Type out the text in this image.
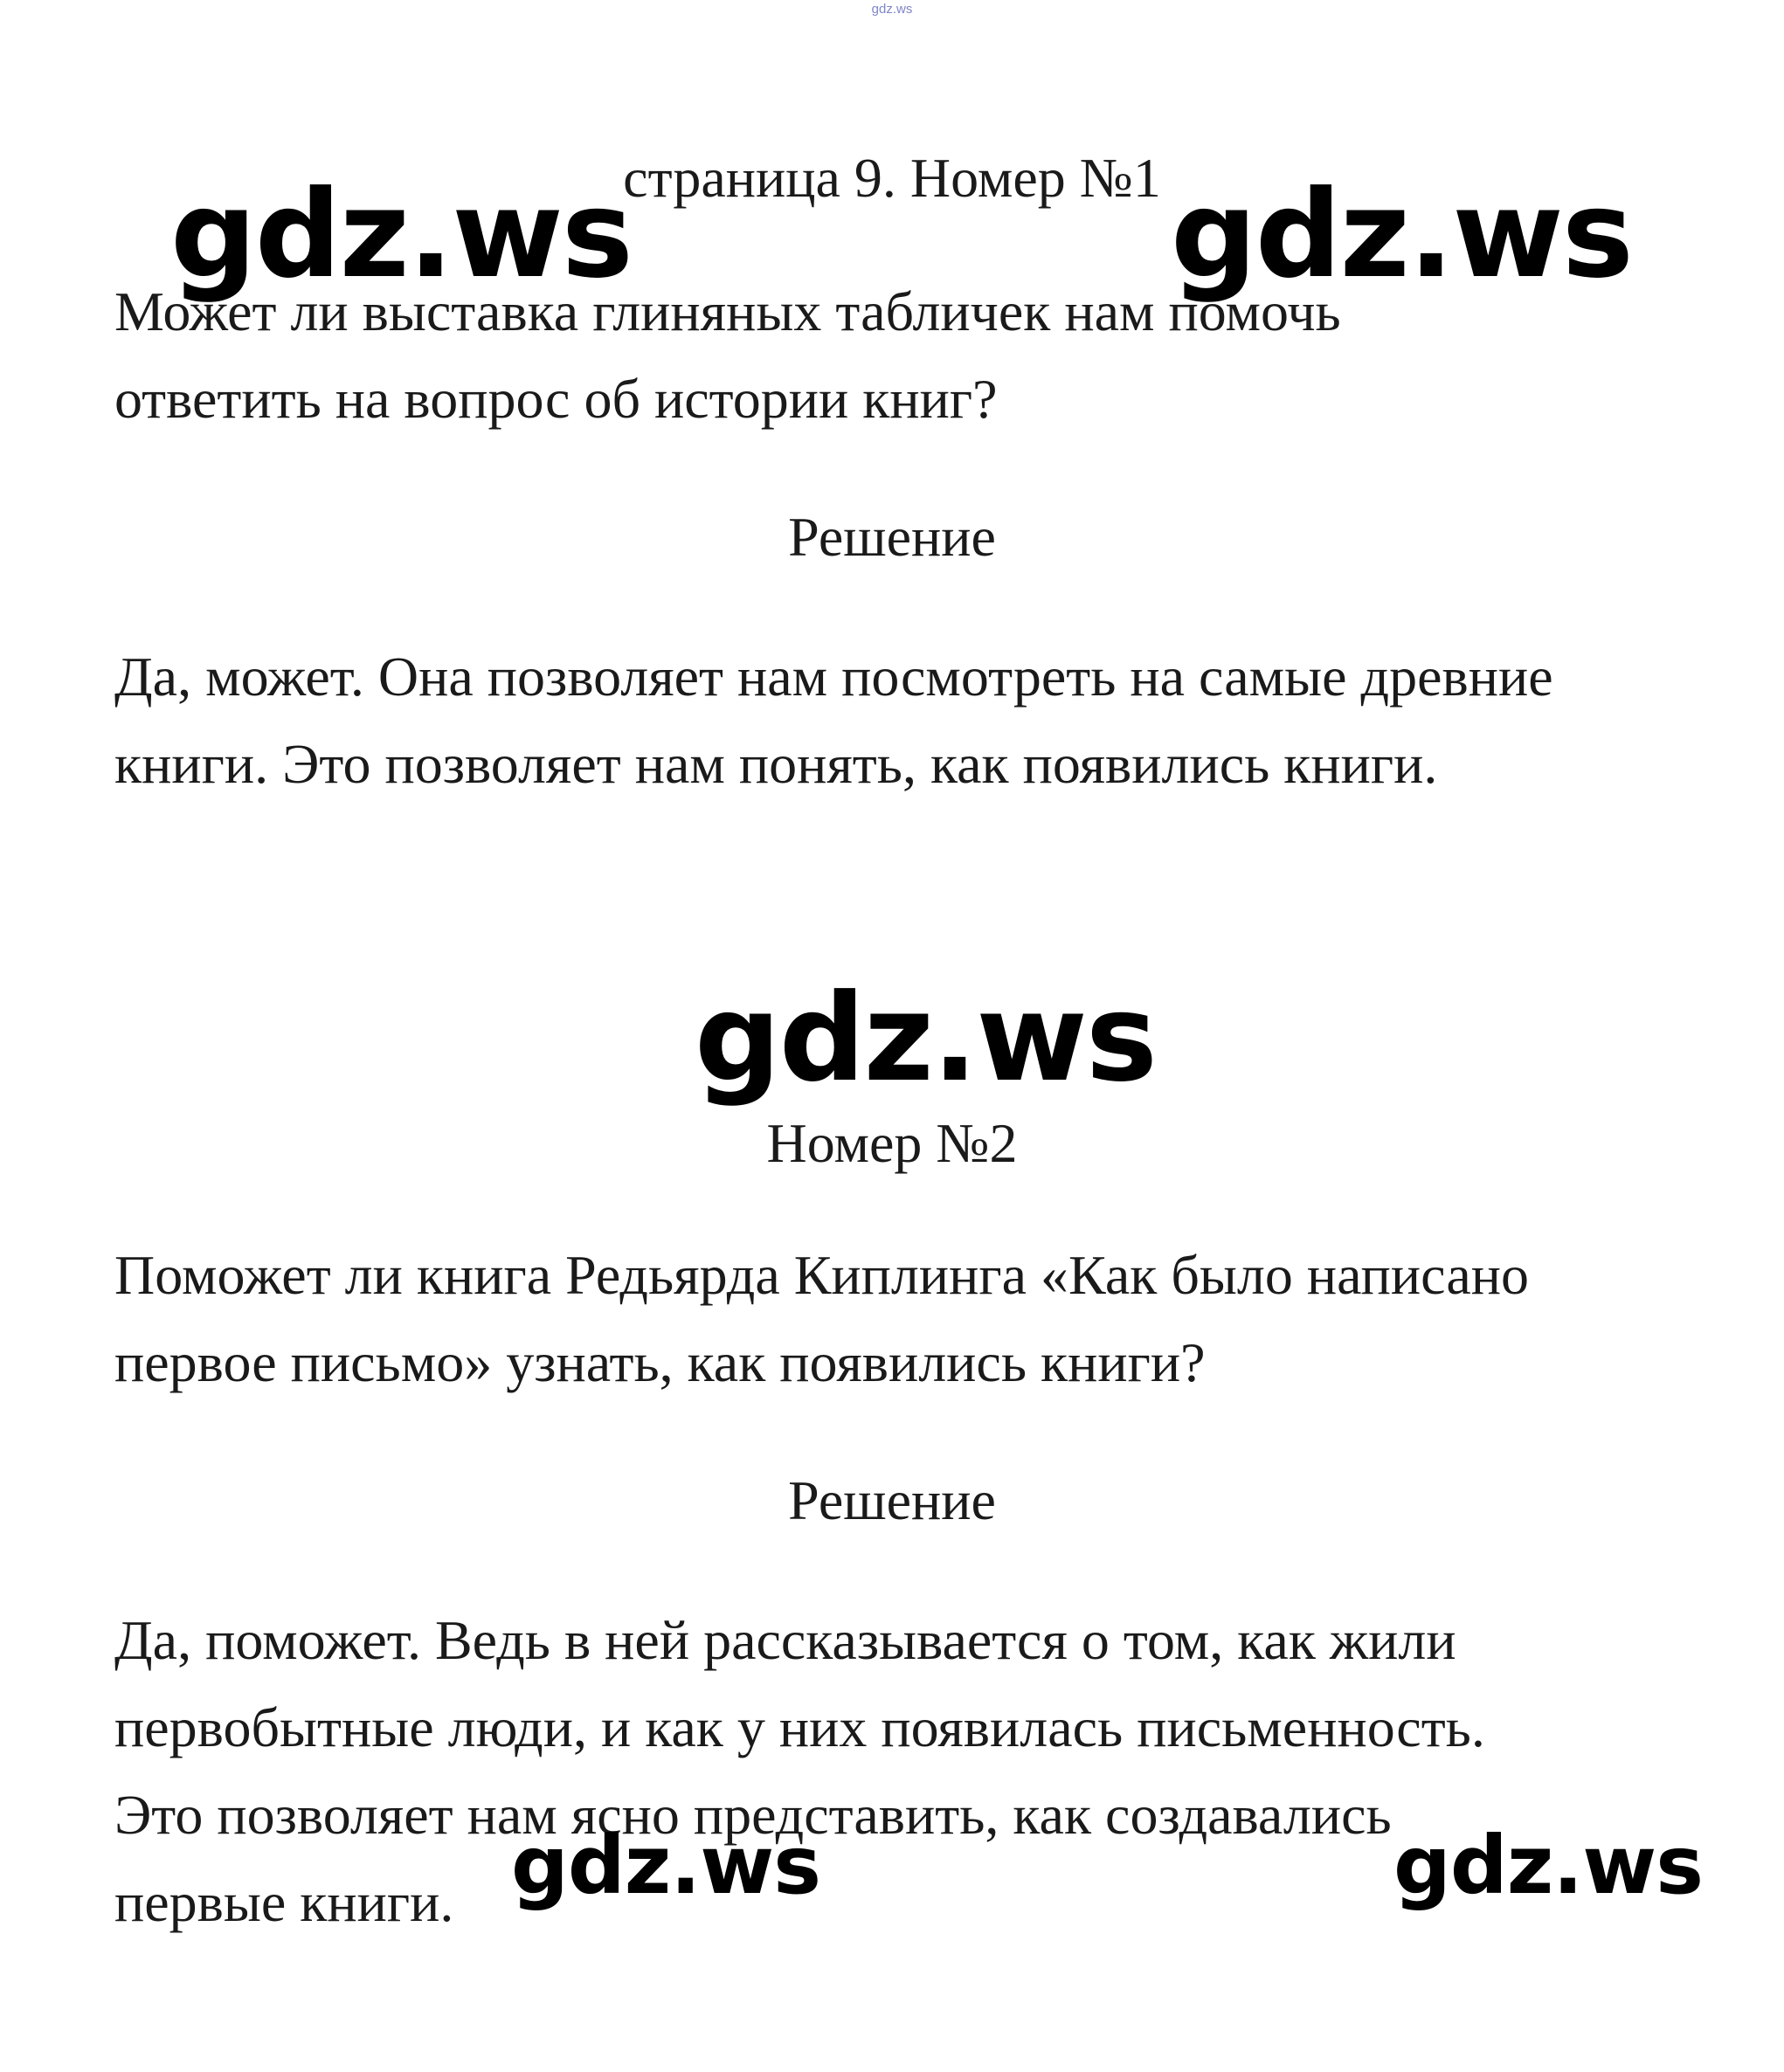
gdz.ws
страница 9. Номер №1

Может ли выставка глиняных табличек нам помочь
ответить на вопрос об истории книг?

Решение

Да, может. Она позволяет нам посмотреть на самые древние
книги. Это позволяет нам понять, как появились книги.

Номер №2

Поможет ли книга Редьярда Киплинга «Как было написано
первое письмо» узнать, как появились книги?

Решение

Да, поможет. Ведь в ней рассказывается о том, как жили
первобытные люди, и как у них появилась письменность.
Это позволяет нам ясно представить, как создавались
первые книги.

gdz.ws	gdz.ws
gdz.ws
gdz.ws	gdz.ws
